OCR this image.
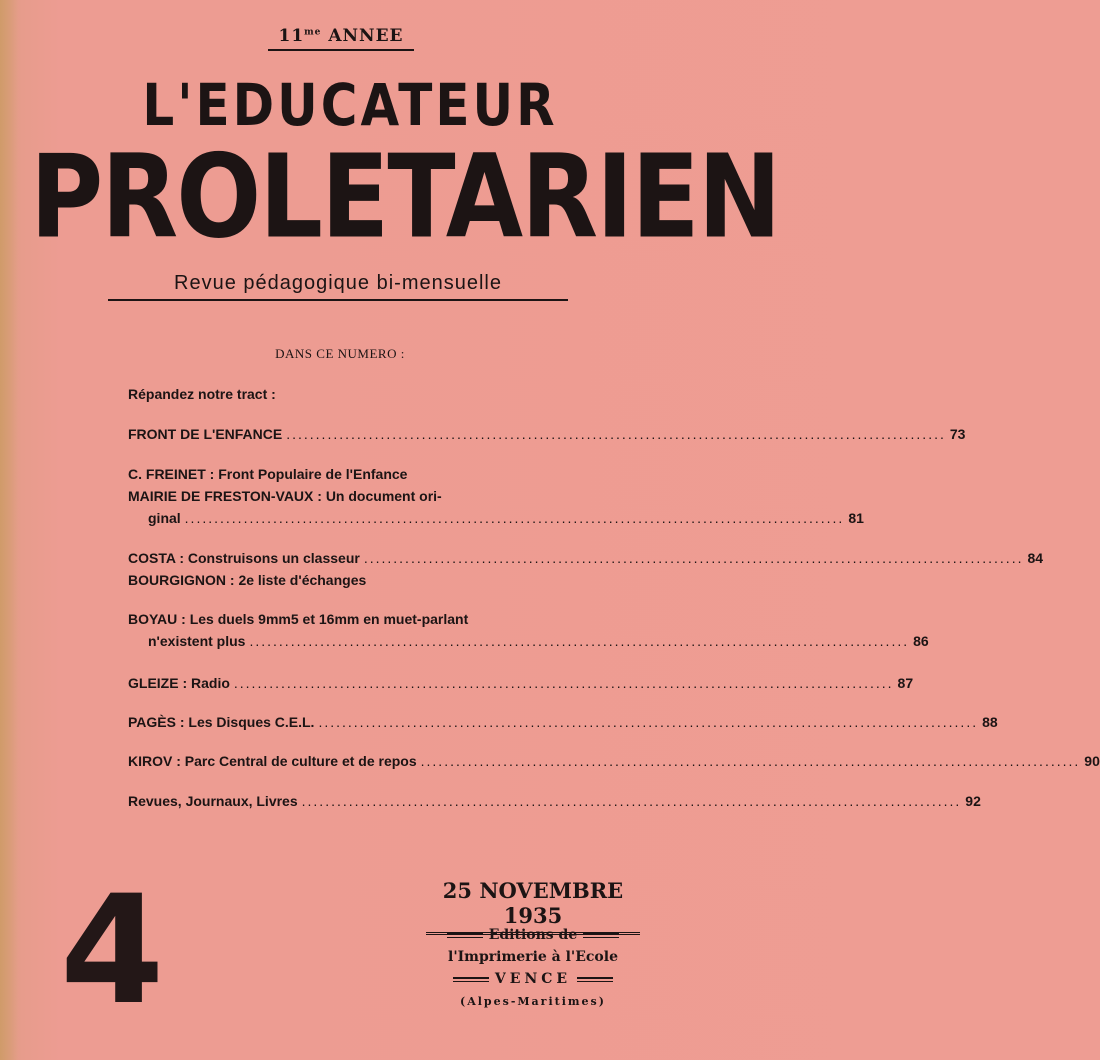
$11^{me}$ ANNEE
L'EDUCATEUR
PROLETARIEN
Revue pédagogique bi-mensuelle
DANS CE NUMERO :
Répandez notre tract :
FRONT DE L'ENFANCE .....	73
C. FREINET : Front Populaire de l'Enfance
MAIRIE DE FRESTON-VAUX : Un document ori-
ginal .....	81
COSTA : Construisons un classeur .....	84
BOURGIGNON : 2e liste d'échanges
BOYAU : Les duels 9mm5 et 16mm en muet-parlant
n'existent plus .....	86
GLEIZE : Radio .....	87
PAGÈS : Les Disques C.E.L. .....	88
KIROV : Parc Central de culture et de repos .....	90
Revues, Journaux, Livres .....	92
4	25 NOVEMBRE 1935
Editions de
l'Imprimerie à l'Ecole
VENCE
(Alpes-Maritimes)
